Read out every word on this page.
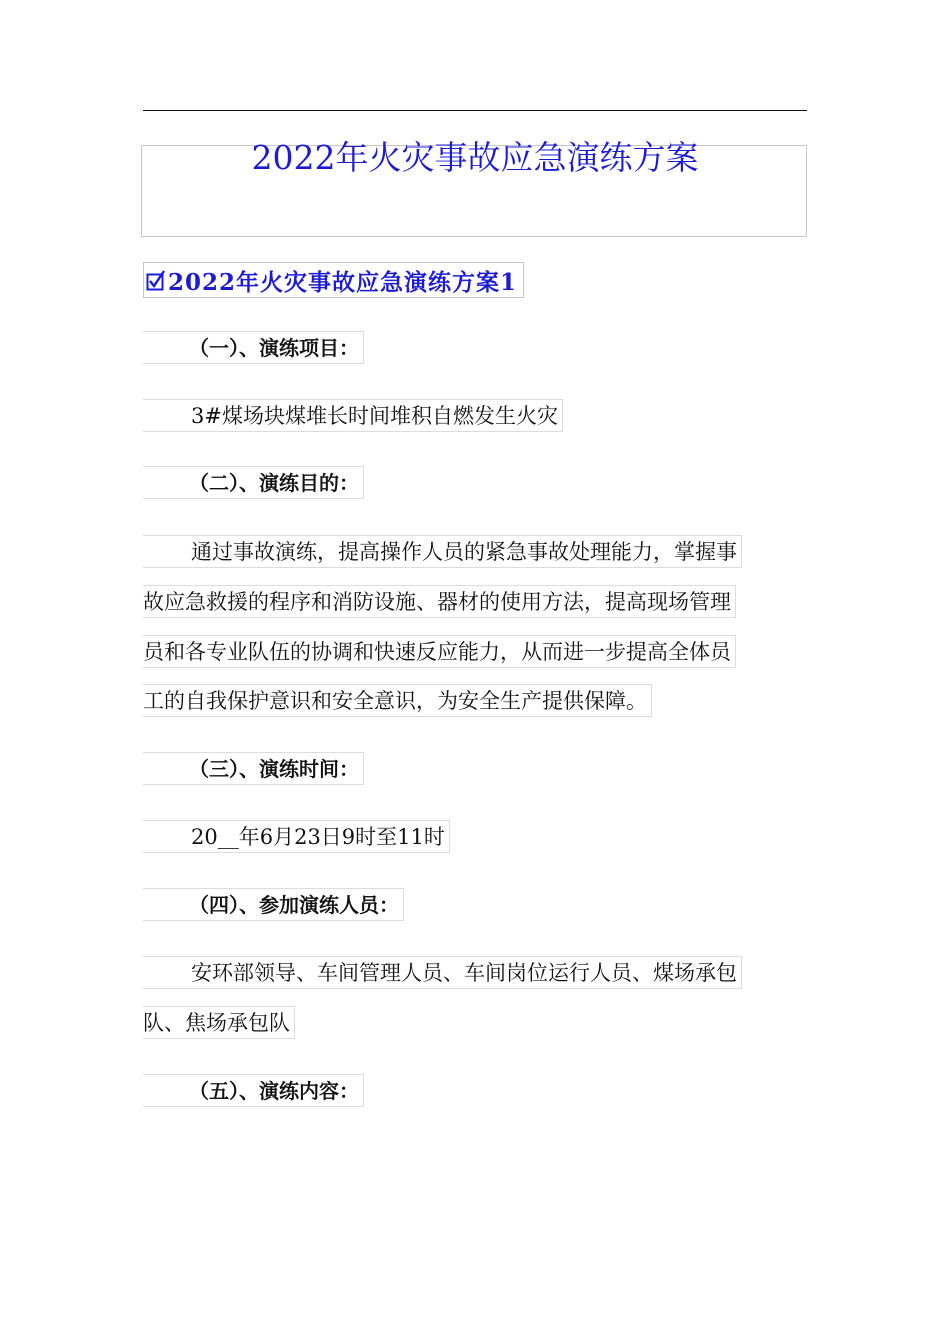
2022年火灾事故应急演练方案
2022年火灾事故应急演练方案1
（一）、演练项目：
3#煤场块煤堆长时间堆积自燃发生火灾
（二）、演练目的：
通过事故演练，提高操作人员的紧急事故处理能力，掌握事
故应急救援的程序和消防设施、器材的使用方法，提高现场管理
员和各专业队伍的协调和快速反应能力，从而进一步提高全体员
工的自我保护意识和安全意识，为安全生产提供保障。
（三）、演练时间：
20__年6月23日9时至11时
（四）、参加演练人员：
安环部领导、车间管理人员、车间岗位运行人员、煤场承包
队、焦场承包队
（五）、演练内容：
